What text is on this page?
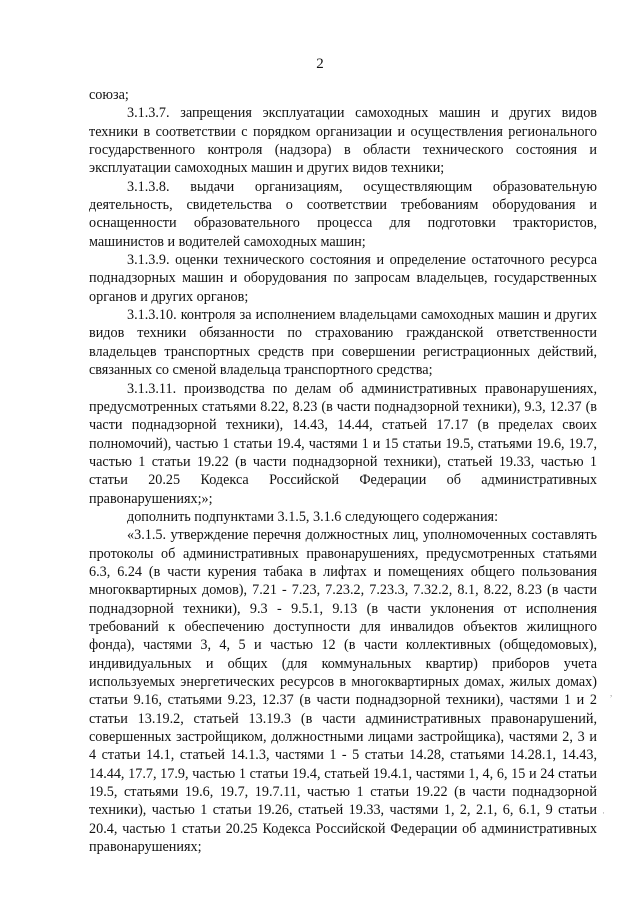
2

союза;

3.1.3.7. запрещения эксплуатации самоходных машин и других видов техники в соответствии с порядком организации и осуществления регионального государственного контроля (надзора) в области технического состояния и эксплуатации самоходных машин и других видов техники;

3.1.3.8. выдачи организациям, осуществляющим образовательную деятельность, свидетельства о соответствии требованиям оборудования и оснащенности образовательного процесса для подготовки трактористов, машинистов и водителей самоходных машин;

3.1.3.9. оценки технического состояния и определение остаточного ресурса поднадзорных машин и оборудования по запросам владельцев, государственных органов и других органов;

3.1.3.10. контроля за исполнением владельцами самоходных машин и других видов техники обязанности по страхованию гражданской ответственности владельцев транспортных средств при совершении регистрационных действий, связанных со сменой владельца транспортного средства;

3.1.3.11. производства по делам об административных правонарушениях, предусмотренных статьями 8.22, 8.23 (в части поднадзорной техники), 9.3, 12.37 (в части поднадзорной техники), 14.43, 14.44, статьей 17.17 (в пределах своих полномочий), частью 1 статьи 19.4, частями 1 и 15 статьи 19.5, статьями 19.6, 19.7, частью 1 статьи 19.22 (в части поднадзорной техники), статьей 19.33, частью 1 статьи 20.25 Кодекса Российской Федерации об административных правонарушениях;»;

дополнить подпунктами 3.1.5, 3.1.6 следующего содержания:

«3.1.5. утверждение перечня должностных лиц, уполномоченных составлять протоколы об административных правонарушениях, предусмотренных статьями 6.3, 6.24 (в части курения табака в лифтах и помещениях общего пользования многоквартирных домов), 7.21 - 7.23, 7.23.2, 7.23.3, 7.32.2, 8.1, 8.22, 8.23 (в части поднадзорной техники), 9.3 - 9.5.1, 9.13 (в части уклонения от исполнения требований к обеспечению доступности для инвалидов объектов жилищного фонда), частями 3, 4, 5 и частью 12 (в части коллективных (общедомовых), индивидуальных и общих (для коммунальных квартир) приборов учета используемых энергетических ресурсов в многоквартирных домах, жилых домах) статьи 9.16, статьями 9.23, 12.37 (в части поднадзорной техники), частями 1 и 2 статьи 13.19.2, статьей 13.19.3 (в части административных правонарушений, совершенных застройщиком, должностными лицами застройщика), частями 2, 3 и 4 статьи 14.1, статьей 14.1.3, частями 1 - 5 статьи 14.28, статьями 14.28.1, 14.43, 14.44, 17.7, 17.9, частью 1 статьи 19.4, статьей 19.4.1, частями 1, 4, 6, 15 и 24 статьи 19.5, статьями 19.6, 19.7, 19.7.11, частью 1 статьи 19.22 (в части поднадзорной техники), частью 1 статьи 19.26, статьей 19.33, частями 1, 2, 2.1, 6, 6.1, 9 статьи 20.4, частью 1 статьи 20.25 Кодекса Российской Федерации об административных правонарушениях;

,
·
